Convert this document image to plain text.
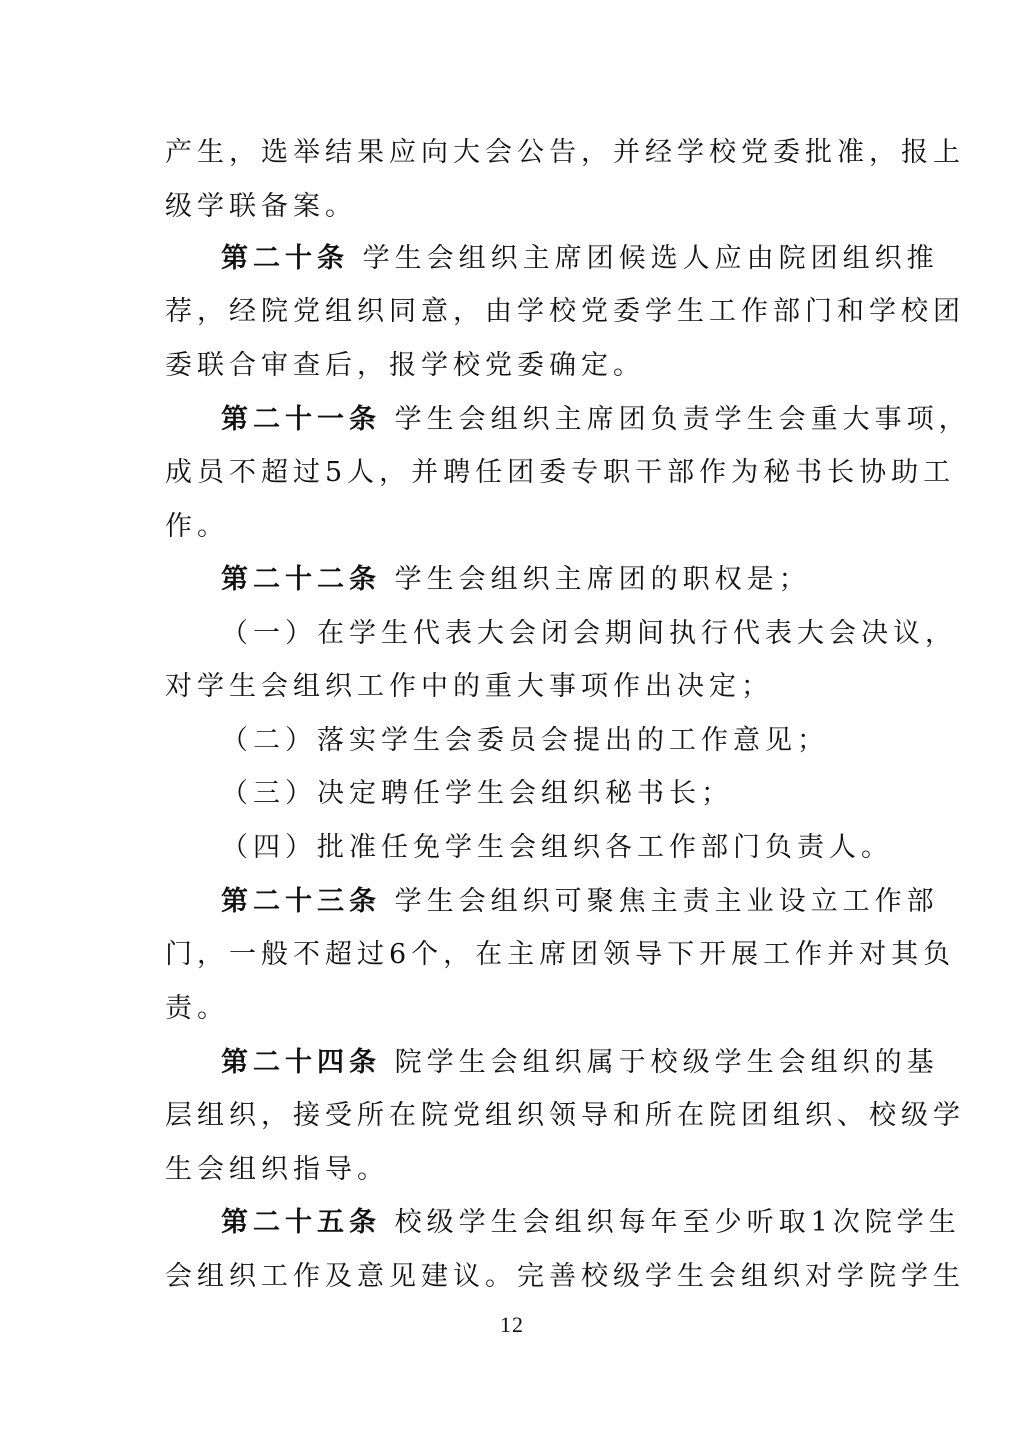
产生，选举结果应向大会公告，并经学校党委批准，报上
级学联备案。
第二十条 学生会组织主席团候选人应由院团组织推
荐，经院党组织同意，由学校党委学生工作部门和学校团
委联合审查后，报学校党委确定。
第二十一条 学生会组织主席团负责学生会重大事项，
成员不超过5人，并聘任团委专职干部作为秘书长协助工
作。
第二十二条 学生会组织主席团的职权是；
（一）在学生代表大会闭会期间执行代表大会决议，
对学生会组织工作中的重大事项作出决定；
（二）落实学生会委员会提出的工作意见；
（三）决定聘任学生会组织秘书长；
（四）批准任免学生会组织各工作部门负责人。
第二十三条 学生会组织可聚焦主责主业设立工作部
门，一般不超过6个，在主席团领导下开展工作并对其负
责。
第二十四条 院学生会组织属于校级学生会组织的基
层组织，接受所在院党组织领导和所在院团组织、校级学
生会组织指导。
第二十五条 校级学生会组织每年至少听取1次院学生
会组织工作及意见建议。完善校级学生会组织对学院学生
12
